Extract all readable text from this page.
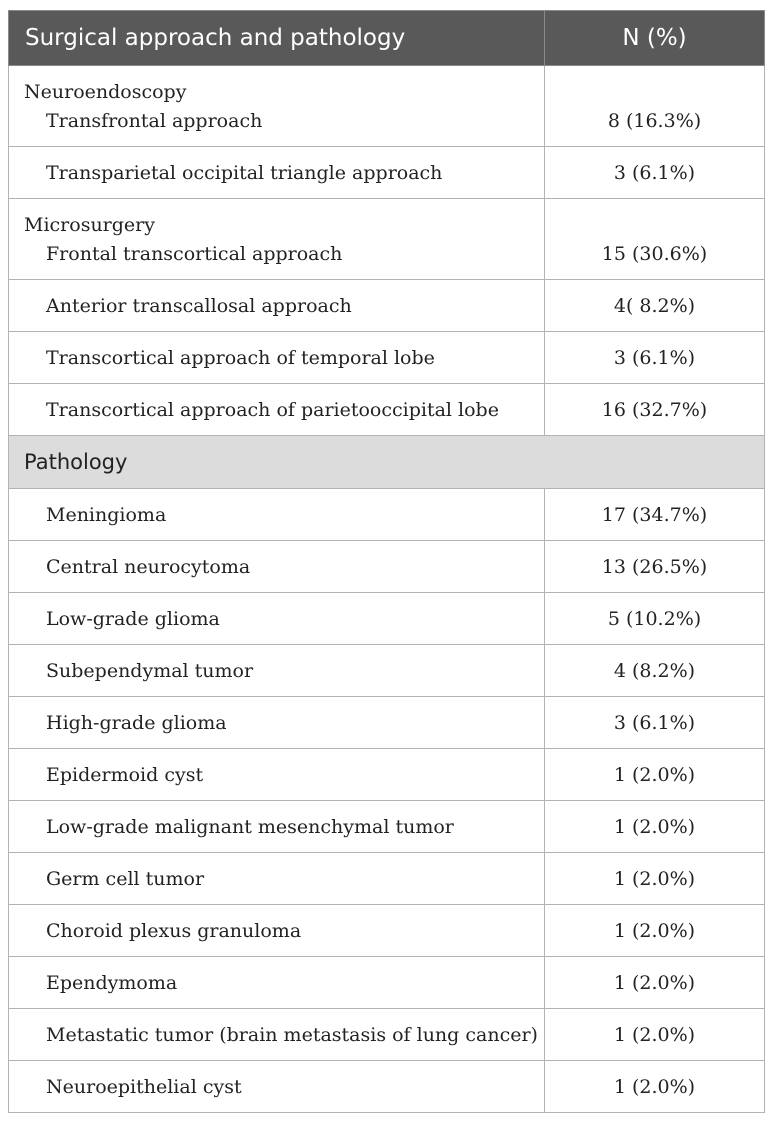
Surgical approach and pathology	N (%)

Neuroendoscopy
Transfrontal approach	8 (16.3%)

Transparietal occipital triangle approach	3 (6.1%)

Microsurgery
Frontal transcortical approach	15 (30.6%)

Anterior transcallosal approach	4( 8.2%)
Transcortical approach of temporal lobe	3 (6.1%)
Transcortical approach of parietooccipital lobe	16 (32.7%)
Pathology	
Meningioma	17 (34.7%)
Central neurocytoma	13 (26.5%)
Low-grade glioma	5 (10.2%)
Subependymal tumor	4 (8.2%)
High-grade glioma	3 (6.1%)
Epidermoid cyst	1 (2.0%)
Low-grade malignant mesenchymal tumor	1 (2.0%)
Germ cell tumor	1 (2.0%)
Choroid plexus granuloma	1 (2.0%)
Ependymoma	1 (2.0%)
Metastatic tumor (brain metastasis of lung cancer)	1 (2.0%)
Neuroepithelial cyst	1 (2.0%)
